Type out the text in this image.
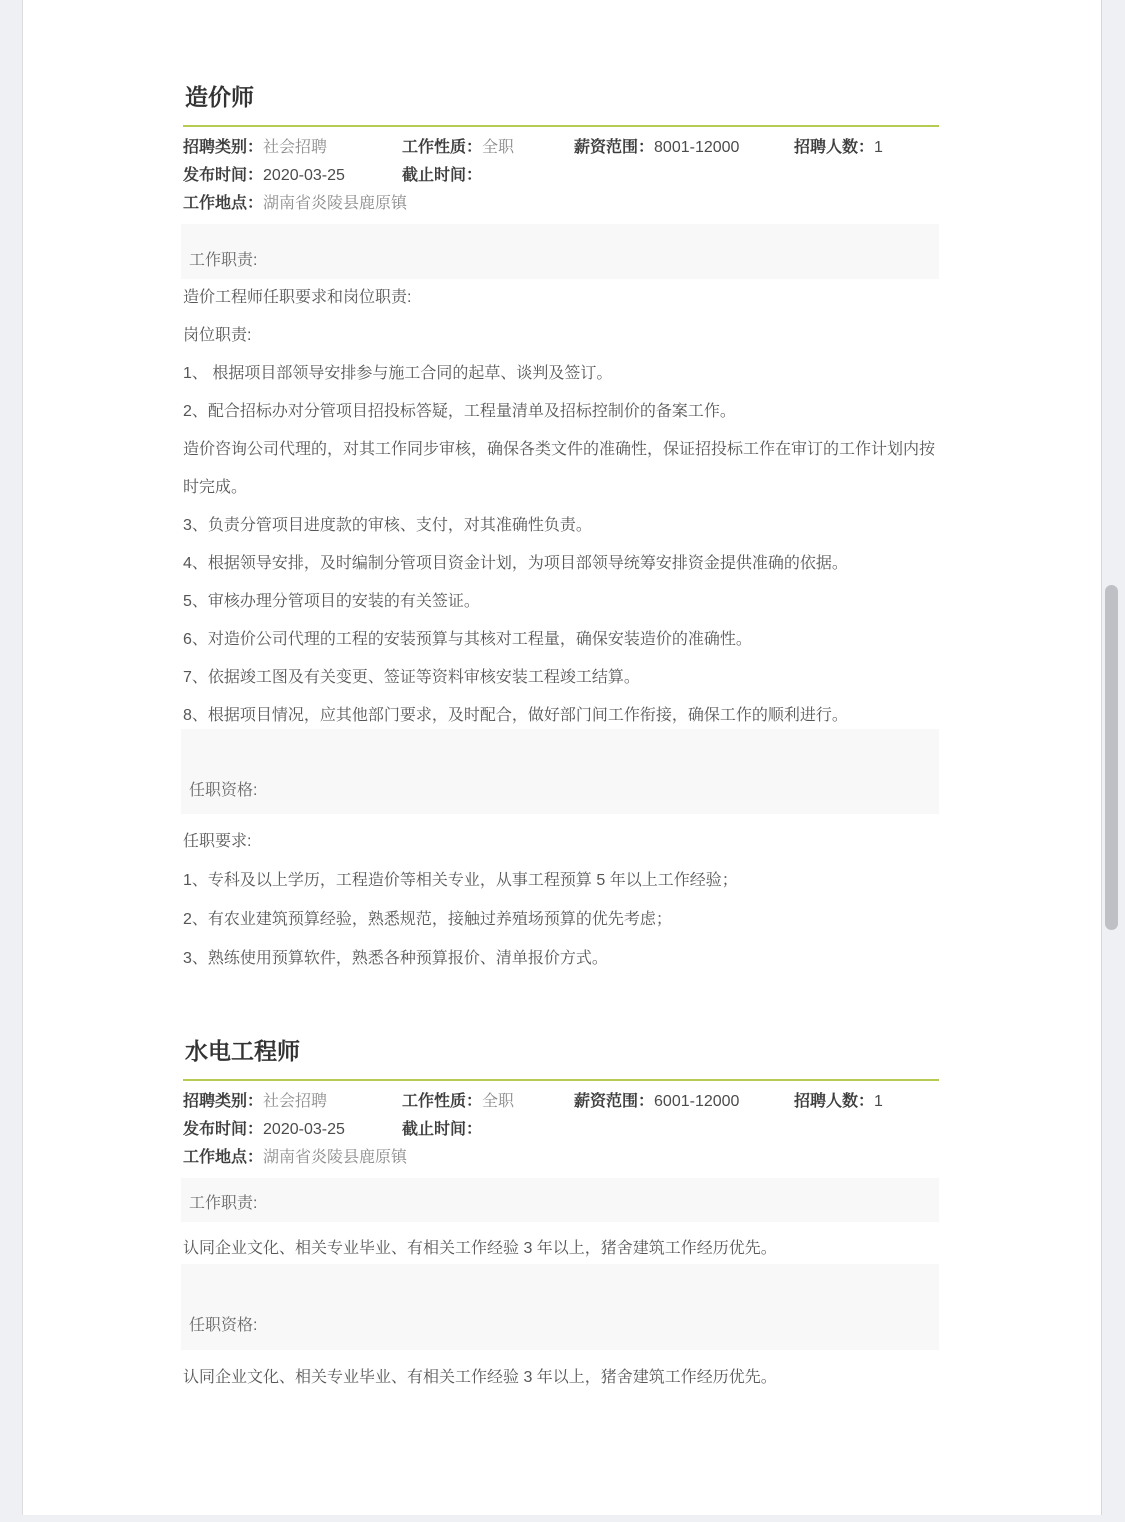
造价师
招聘类别：社会招聘	工作性质：全职	薪资范围：8001-12000	招聘人数：1
发布时间：2020-03-25	截止时间：
工作地点：湖南省炎陵县鹿原镇
工作职责:

造价工程师任职要求和岗位职责:

岗位职责:

1、 根据项目部领导安排参与施工合同的起草、谈判及签订。

2、配合招标办对分管项目招投标答疑，工程量清单及招标控制价的备案工作。

造价咨询公司代理的，对其工作同步审核，确保各类文件的准确性，保证招投标工作在审订的工作计划内按时完成。

3、负责分管项目进度款的审核、支付，对其准确性负责。

4、根据领导安排，及时编制分管项目资金计划，为项目部领导统筹安排资金提供准确的依据。

5、审核办理分管项目的安装的有关签证。

6、对造价公司代理的工程的安装预算与其核对工程量，确保安装造价的准确性。

7、依据竣工图及有关变更、签证等资料审核安装工程竣工结算。

8、根据项目情况，应其他部门要求，及时配合，做好部门间工作衔接，确保工作的顺利进行。

任职资格:

任职要求:

1、专科及以上学历，工程造价等相关专业，从事工程预算 5 年以上工作经验；

2、有农业建筑预算经验，熟悉规范，接触过养殖场预算的优先考虑；

3、熟练使用预算软件，熟悉各种预算报价、清单报价方式。

水电工程师
招聘类别：社会招聘	工作性质：全职	薪资范围：6001-12000	招聘人数：1
发布时间：2020-03-25	截止时间：
工作地点：湖南省炎陵县鹿原镇
工作职责:

认同企业文化、相关专业毕业、有相关工作经验 3 年以上，猪舍建筑工作经历优先。

任职资格:

认同企业文化、相关专业毕业、有相关工作经验 3 年以上，猪舍建筑工作经历优先。
